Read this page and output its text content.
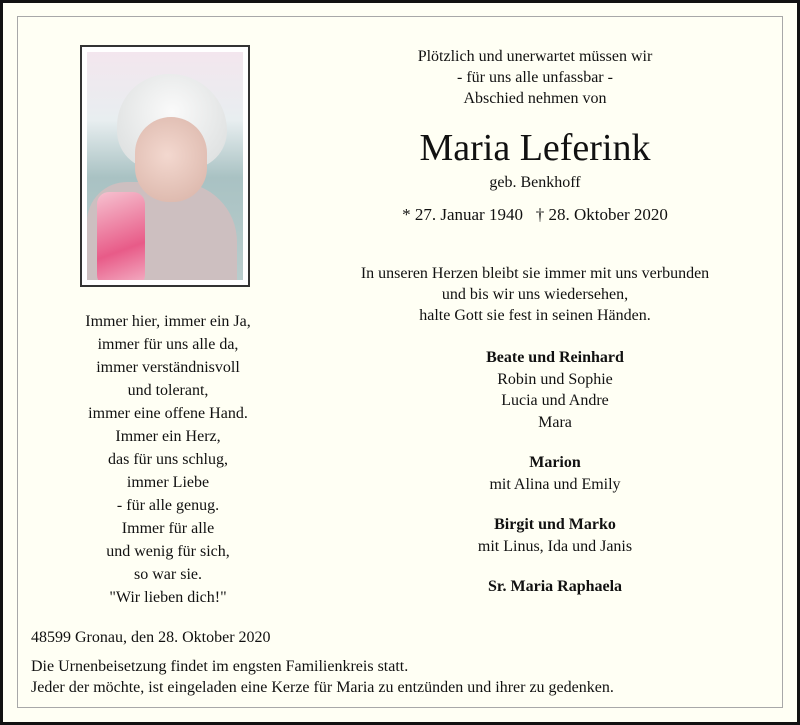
Plötzlich und unerwartet müssen wir
- für uns alle unfassbar -
Abschied nehmen von
Maria Leferink
geb. Benkhoff
* 27. Januar 1940 † 28. Oktober 2020
In unseren Herzen bleibt sie immer mit uns verbunden
und bis wir uns wiedersehen,
halte Gott sie fest in seinen Händen.
Beate und Reinhard
Robin und Sophie
Lucia und Andre
Mara
Marion
mit Alina und Emily
Birgit und Marko
mit Linus, Ida und Janis
Sr. Maria Raphaela
Immer hier, immer ein Ja,
immer für uns alle da,
immer verständnisvoll
und tolerant,
immer eine offene Hand.
Immer ein Herz,
das für uns schlug,
immer Liebe
- für alle genug.
Immer für alle
und wenig für sich,
so war sie.
"Wir lieben dich!"
48599 Gronau, den 28. Oktober 2020
Die Urnenbeisetzung findet im engsten Familienkreis statt.
Jeder der möchte, ist eingeladen eine Kerze für Maria zu entzünden und ihrer zu gedenken.
